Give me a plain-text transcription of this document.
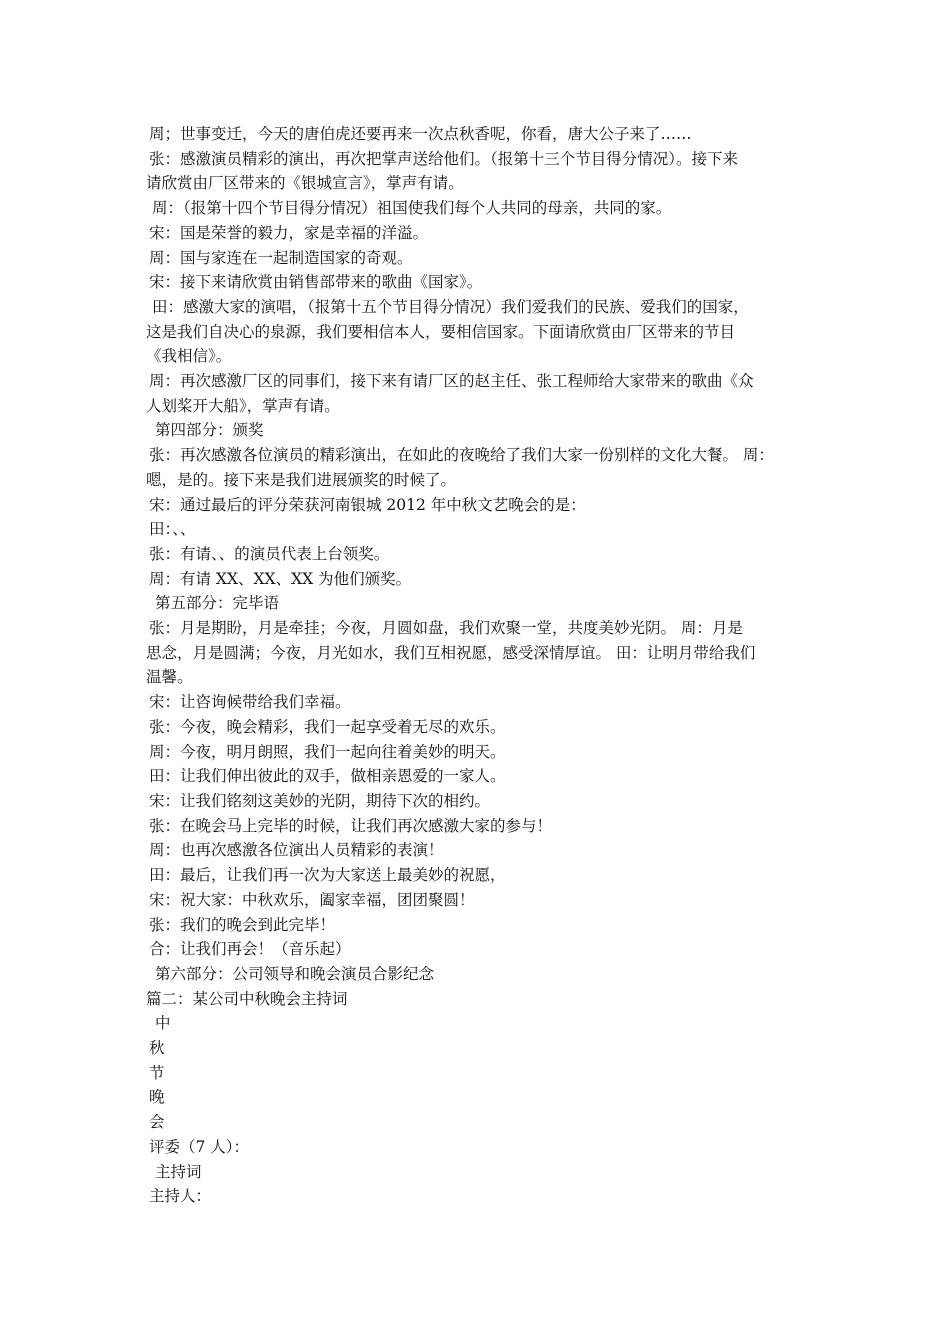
周；世事变迁，今天的唐伯虎还要再来一次点秋香呢，你看，唐大公子来了……

张：感激演员精彩的演出，再次把掌声送给他们。（报第十三个节目得分情况）。接下来

请欣赏由厂区带来的《银城宣言》，掌声有请。

周：（报第十四个节目得分情况）祖国使我们每个人共同的母亲，共同的家。

宋：国是荣誉的毅力，家是幸福的洋溢。

周：国与家连在一起制造国家的奇观。

宋：接下来请欣赏由销售部带来的歌曲《国家》。

田：感激大家的演唱，（报第十五个节目得分情况）我们爱我们的民族、爱我们的国家，

这是我们自决心的泉源，我们要相信本人，要相信国家。下面请欣赏由厂区带来的节目

《我相信》。

周：再次感激厂区的同事们，接下来有请厂区的赵主任、张工程师给大家带来的歌曲《众

人划桨开大船》，掌声有请。

第四部分：颁奖

张：再次感激各位演员的精彩演出，在如此的夜晚给了我们大家一份别样的文化大餐。 周：

嗯，是的。接下来是我们进展颁奖的时候了。

宋：通过最后的评分荣获河南银城 2012 年中秋文艺晚会的是：

田：、、

张：有请、、的演员代表上台领奖。

周：有请 XX、XX、XX 为他们颁奖。

第五部分：完毕语

张：月是期盼，月是牵挂；今夜，月圆如盘，我们欢聚一堂，共度美妙光阴。 周：月是

思念，月是圆满；今夜，月光如水，我们互相祝愿，感受深情厚谊。 田：让明月带给我们

温馨。

宋：让咨询候带给我们幸福。

张：今夜，晚会精彩，我们一起享受着无尽的欢乐。

周：今夜，明月朗照，我们一起向往着美妙的明天。

田：让我们伸出彼此的双手，做相亲恩爱的一家人。

宋：让我们铭刻这美妙的光阴，期待下次的相约。

张：在晚会马上完毕的时候，让我们再次感激大家的参与！

周：也再次感激各位演出人员精彩的表演！

田：最后，让我们再一次为大家送上最美妙的祝愿，

宋：祝大家：中秋欢乐，阖家幸福，团团聚圆！

张：我们的晚会到此完毕！

合：让我们再会！（音乐起）

第六部分：公司领导和晚会演员合影纪念

篇二：某公司中秋晚会主持词

中

秋

节

晚

会

评委（7 人）：

主持词

主持人：
